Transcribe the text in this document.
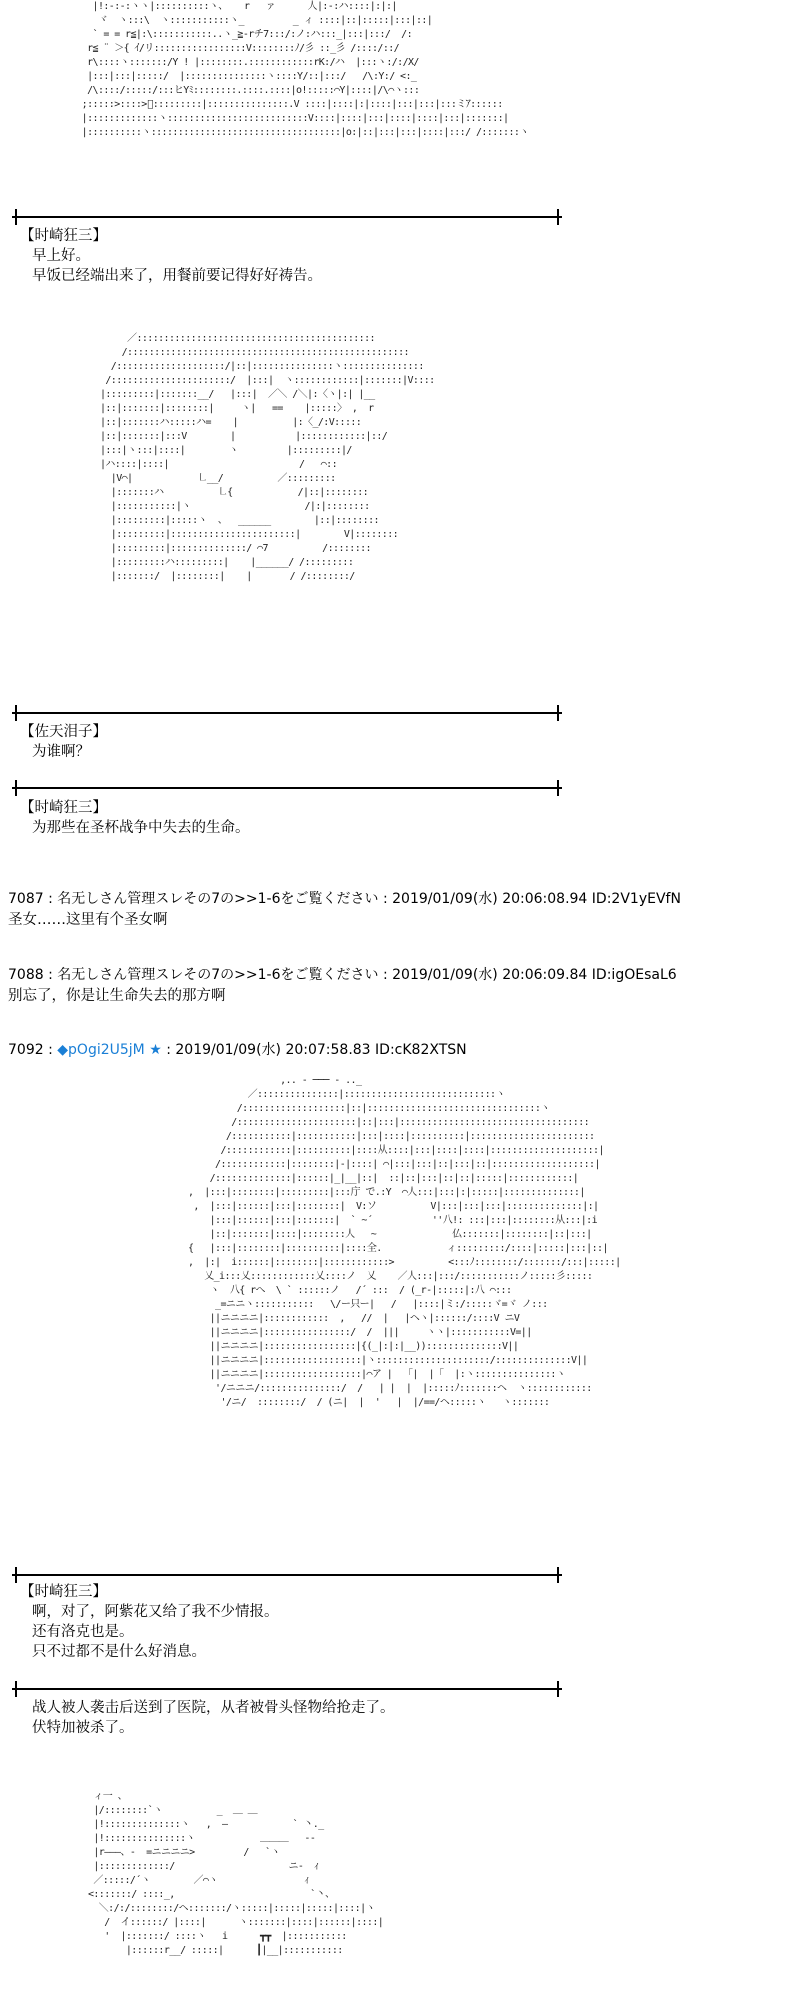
|!:-:-:ヽヽ|::::::::::ヽ、   r   ァ      人|:-:ハ::::|:|:|
ヾ  ヽ:::\  ヽ:::::::::::ヽ_         _ ィ ::::|::|:::::|:::|::|
` = = r≦|:\:::::::::::..ヽ_≧-rチ7:::/:ノ:ハ:::_|:::|:::/  /:
r≦ ¨ ＞{ ｲ/リ:::::::::::::::::V::::::::ﾉ/彡 ::_彡 /::::/::/
r\::::ヽ:::::::/Y ! |::::::::.::::::::::::rK:/ハ  |:::ヽ:/:/X/
|:::|:::|:::::/  |:::::::::::::::ヽ::::Y/::|:::/   /\:Y:/ <:_
/\::::/:::::/:::ヒYﾐ::::::::.::::.::::|o!:::::⌒Y|::::|/\⌒ヽ:::
;:::::>::::>ﾞ:::::::::|:::::::::::::::.V ::::|::::|:|::::|:::|:::|:::ミｱ::::::
|:::::::::::::ヽ::::::::::::::::::::::::::V::::|::::|:::|::::|::::|:::|:::::::|
|::::::::::ヽ:::::::::::::::::::::::::::::::::::|o:|::|:::|:::|::::|:::/ /:::::::ヽ
【时崎狂三】
早上好。
早饭已经端出来了，用餐前要记得好好祷告。
／::::::::::::::::::::::::::::::::::::::::::::
/::::::::::::::::::::::::::::::::::::::::::::::::::::
/::::::::::::::::::::/|::|:::::::::::::::ヽ:::::::::::::::
/::::::::::::::::::::::/  |:::|  ヽ::::::::::::|:::::::|V::::
|:::::::::|:::::::__/   |:::|  ／＼ /＼|:〈ヽ|:| |__
|::|:::::::|::::::::|     ヽ|   ==    |:::::〉 ,  r
|::|:::::::ハ:::::ハ=    |          |:〈_/:V:::::
|::|:::::::|:::V        |           |::::::::::::|::/
|:::|ヽ:::|::::|        ヽ         |:::::::::|/
|ハ::::|::::|                        /   ⌒::
|V⌒|            ㇗__/          ／:::::::::
|:::::::ハ          ㇗{            /|::|::::::::
|:::::::::::|ヽ                     /|:|::::::::
|:::::::::|:::::ヽ  、  ______        |::|::::::::
|:::::::::|:::::::::::::::::::::::|        V|::::::::
|:::::::::|::::::::::::::/ ⌒7          /::::::::
|:::::::::ハ:::::::::|    |______/ /:::::::::
|:::::::/  |::::::::|    |       / /::::::::/
【佐天泪子】
为谁啊？
【时崎狂三】
为那些在圣杯战争中失去的生命。
7087 : 名无しさん管理スレその7の>>1-6をご覧ください : 2019/01/09(水) 20:06:08.94 ID:2V1yEVfN
圣女……这里有个圣女啊
7088 : 名无しさん管理スレその7の>>1-6をご覧ください : 2019/01/09(水) 20:06:09.84 ID:igOEsaL6
别忘了，你是让生命失去的那方啊
7092 : ◆pOgi2U5jM ★ : 2019/01/09(水) 20:07:58.83 ID:cK82XTSN
,.. - ─── - .._
／:::::::::::::::|::::::::::::::::::::::::::::ヽ
/:::::::::::::::::::|::|::::::::::::::::::::::::::::::::ヽ
/::::::::::::::::::::::|::|:::|:::::::::::::::::::::::::::::::::::
/:::::::::::|:::::::::::|:::|::::|::::::::::|:::::::::::::::::::::::
/::::::::::::|::::::::::|::::从::::|:::|::::|::::|::::::::::::::::::::|
/::::::::::::|::::::::|-|::::| ⌒|:::|:::|::|:::|::|:::::::::::::::::::|
/::::::::::::::|::::::|_|__|::|  ::|::|:::|::|::|:::::|::::::::::::|
,  |:::|::::::::|:::::::::|:::庁 で.:Y  ⌒人:::|:::|:|:::::|::::::::::::::|
,  |:::|::::::|:::|::::::::|  V:ソ          V|:::|:::|:::|::::::::::::::|:|
|:::|::::::|:::|:::::::|  ` ~´           ''八!: :::|:::|::::::::从:::|:i
|::|:::::::|::::|::::::::人   ~              仏:::::::|::::::::|::|:::|
{   |:::|::::::::|::::::::::|::::全.            ィ:::::::::/::::|:::::|:::|::|
,  |:|  i::::::|::::::::|::::::::::::>          <:::ﾉ::::::::/:::::::/:::|:::::|
乂_i:::乂::::::::::::乂::::ノ  乂    ／人:::|:::/:::::::::::ノ:::::彡:::::
ヽ  八{ rへ  \ ` ::::::ノ   /´ :::  / (_r-|:::::|:八 ⌒:::
_=ニニヽ:::::::::::   \/ー只ー|   /   |::::|ミ:/:::::ヾ=ヾ ノ:::
||ニニニニ|::::::::::::  ,   //  |   |ヘヽ|::::::/::::V ニV
||ニニニニ|::::::::::::::::/  /  |||     ヽヽ|:::::::::::V=||
||ニニニニ|:::::::::::::::::|{(_|:|:|__))::::::::::::::V||
||ニニニニ|::::::::::::::::::|ヽ:::::::::::::::::::::/::::::::::::::V||
||ニニニニ|::::::::::::::::::|⌒ア |  「|  |「  |:ヽ:::::::::::::::ヽ
'/ニニニ/:::::::::::::::/  /   | |  |  |:::::ﾉ:::::::ヘ  ヽ::::::::::::
'/ニ/  ::::::::/  / (ニ|  |  '   |  |/==/ヘ:::::ヽ   ヽ:::::::
【时崎狂三】
啊，对了，阿紫花又给了我不少情报。
还有洛克也是。
只不过都不是什么好消息。
战人被人袭击后送到了医院，从者被骨头怪物给抢走了。
伏特加被杀了。
ィ一 、
|/::::::::`ヽ          _  ＿ ＿
|!::::::::::::::ヽ   ,  ―            ` 丶._
|!:::::::::::::::ヽ            ＿＿＿   ‐‐
|r―――、-  =ニニニニ>         /   `ヽ
|:::::::::::::/                     ニ-  ｨ
／:::::/´ヽ        ／⌒ヽ                ｨ
<:::::::/ ::::_,                         `丶、
＼:/:/::::::::/ヘ:::::::/ヽ:::::|:::::|:::::|::::|ヽ
/  イ::::::/ |::::|      ヽ:::::::|::::|::::::|::::|
'  |:::::::/ ::::ヽ   i      ┳┳  |:::::::::::
|::::::r__/ :::::|      ┃|__|:::::::::::
